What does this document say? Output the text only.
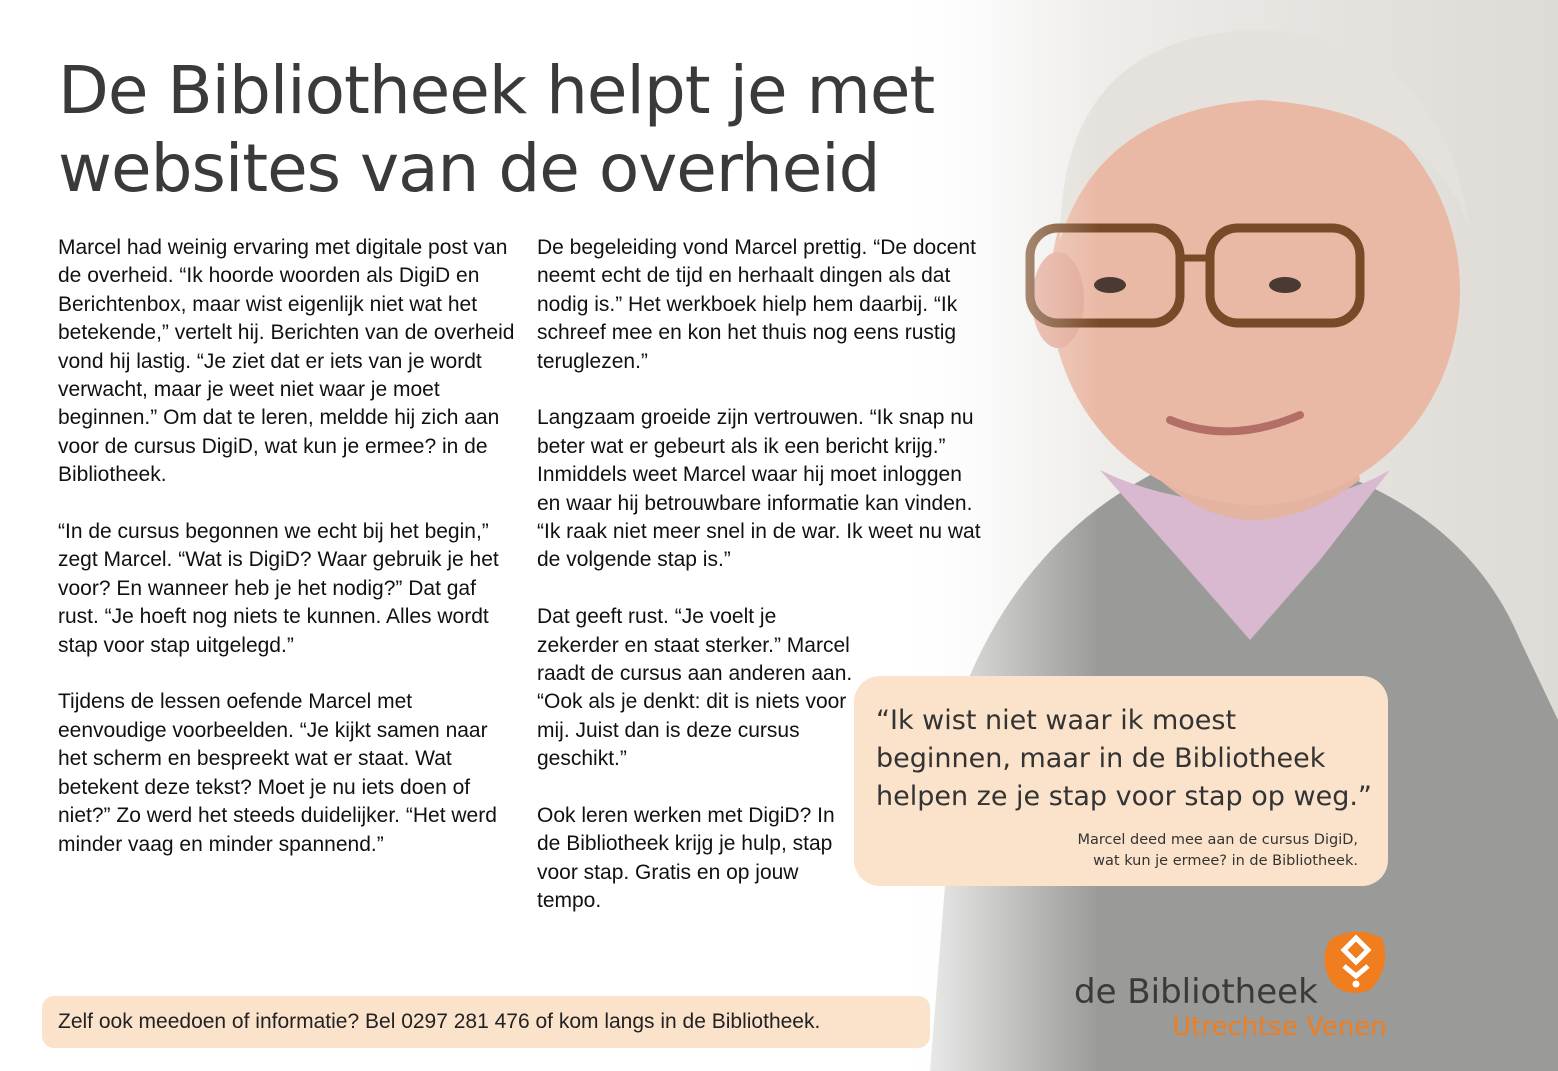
De Bibliotheek helpt je met
websites van de overheid

Marcel had weinig ervaring met digitale post van de overheid. “Ik hoorde woorden als DigiD en Berichtenbox, maar wist eigenlijk niet wat het betekende,” vertelt hij. Berichten van de overheid vond hij lastig. “Je ziet dat er iets van je wordt verwacht, maar je weet niet waar je moet beginnen.” Om dat te leren, meldde hij zich aan voor de cursus DigiD, wat kun je ermee? in de Bibliotheek.

“In de cursus begonnen we echt bij het begin,” zegt Marcel. “Wat is DigiD? Waar gebruik je het voor? En wanneer heb je het nodig?” Dat gaf rust. “Je hoeft nog niets te kunnen. Alles wordt stap voor stap uitgelegd.”

Tijdens de lessen oefende Marcel met eenvoudige voorbeelden. “Je kijkt samen naar het scherm en bespreekt wat er staat. Wat betekent deze tekst? Moet je nu iets doen of niet?” Zo werd het steeds duidelijker. “Het werd minder vaag en minder spannend.”

De begeleiding vond Marcel prettig. “De docent neemt echt de tijd en herhaalt dingen als dat nodig is.” Het werkboek hielp hem daarbij. “Ik schreef mee en kon het thuis nog eens rustig teruglezen.”

Langzaam groeide zijn vertrouwen. “Ik snap nu beter wat er gebeurt als ik een bericht krijg.” Inmiddels weet Marcel waar hij moet inloggen en waar hij betrouwbare informatie kan vinden. “Ik raak niet meer snel in de war. Ik weet nu wat de volgende stap is.”

Dat geeft rust. “Je voelt je zekerder en staat sterker.” Marcel raadt de cursus aan anderen aan. “Ook als je denkt: dit is niets voor mij. Juist dan is deze cursus geschikt.”

Ook leren werken met DigiD? In de Bibliotheek krijg je hulp, stap voor stap. Gratis en op jouw tempo.

“Ik wist niet waar ik moest beginnen, maar in de Bibliotheek helpen ze je stap voor stap op weg.”

Marcel deed mee aan de cursus DigiD,
wat kun je ermee? in de Bibliotheek.
Zelf ook meedoen of informatie? Bel 0297 281 476 of kom langs in de Bibliotheek.
de Bibliotheek
Utrechtse Venen
